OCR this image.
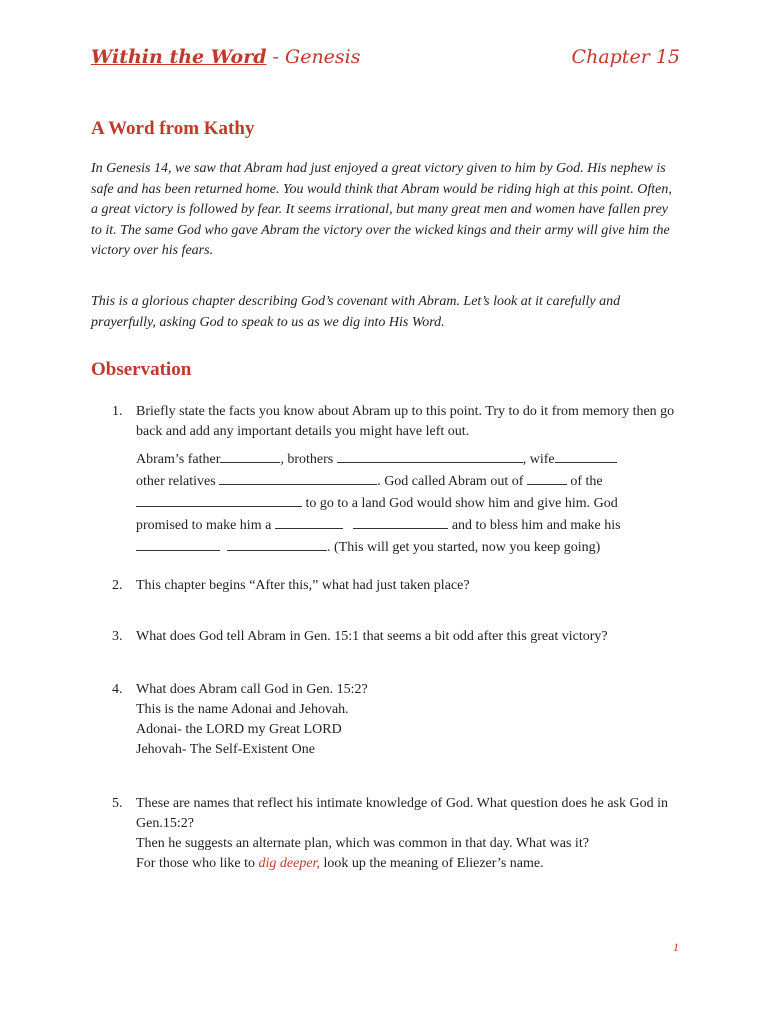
Within the Word - Genesis	Chapter 15
A Word from Kathy

In Genesis 14, we saw that Abram had just enjoyed a great victory given to him by God. His nephew is safe and has been returned home. You would think that Abram would be riding high at this point. Often, a great victory is followed by fear. It seems irrational, but many great men and women have fallen prey to it. The same God who gave Abram the victory over the wicked kings and their army will give him the victory over his fears.

This is a glorious chapter describing God’s covenant with Abram. Let’s look at it carefully and prayerfully, asking God to speak to us as we dig into His Word.

Observation
1. Briefly state the facts you know about Abram up to this point. Try to do it from memory then go back and add any important details you might have left out.
Abram’s father	, brothers	, wife
other relatives	. God called Abram out of	of the
to go to a land God would show him and give him. God
promised to make him a	and to bless him and make his
. (This will get you started, now you keep going)
2. This chapter begins “After this,” what had just taken place?
3. What does God tell Abram in Gen. 15:1 that seems a bit odd after this great victory?
4. What does Abram call God in Gen. 15:2?
This is the name Adonai and Jehovah.
Adonai- the LORD my Great LORD
Jehovah- The Self-Existent One
5. These are names that reflect his intimate knowledge of God. What question does he ask God in Gen.15:2?
Then he suggests an alternate plan, which was common in that day. What was it?
For those who like to dig deeper, look up the meaning of Eliezer’s name.
1
